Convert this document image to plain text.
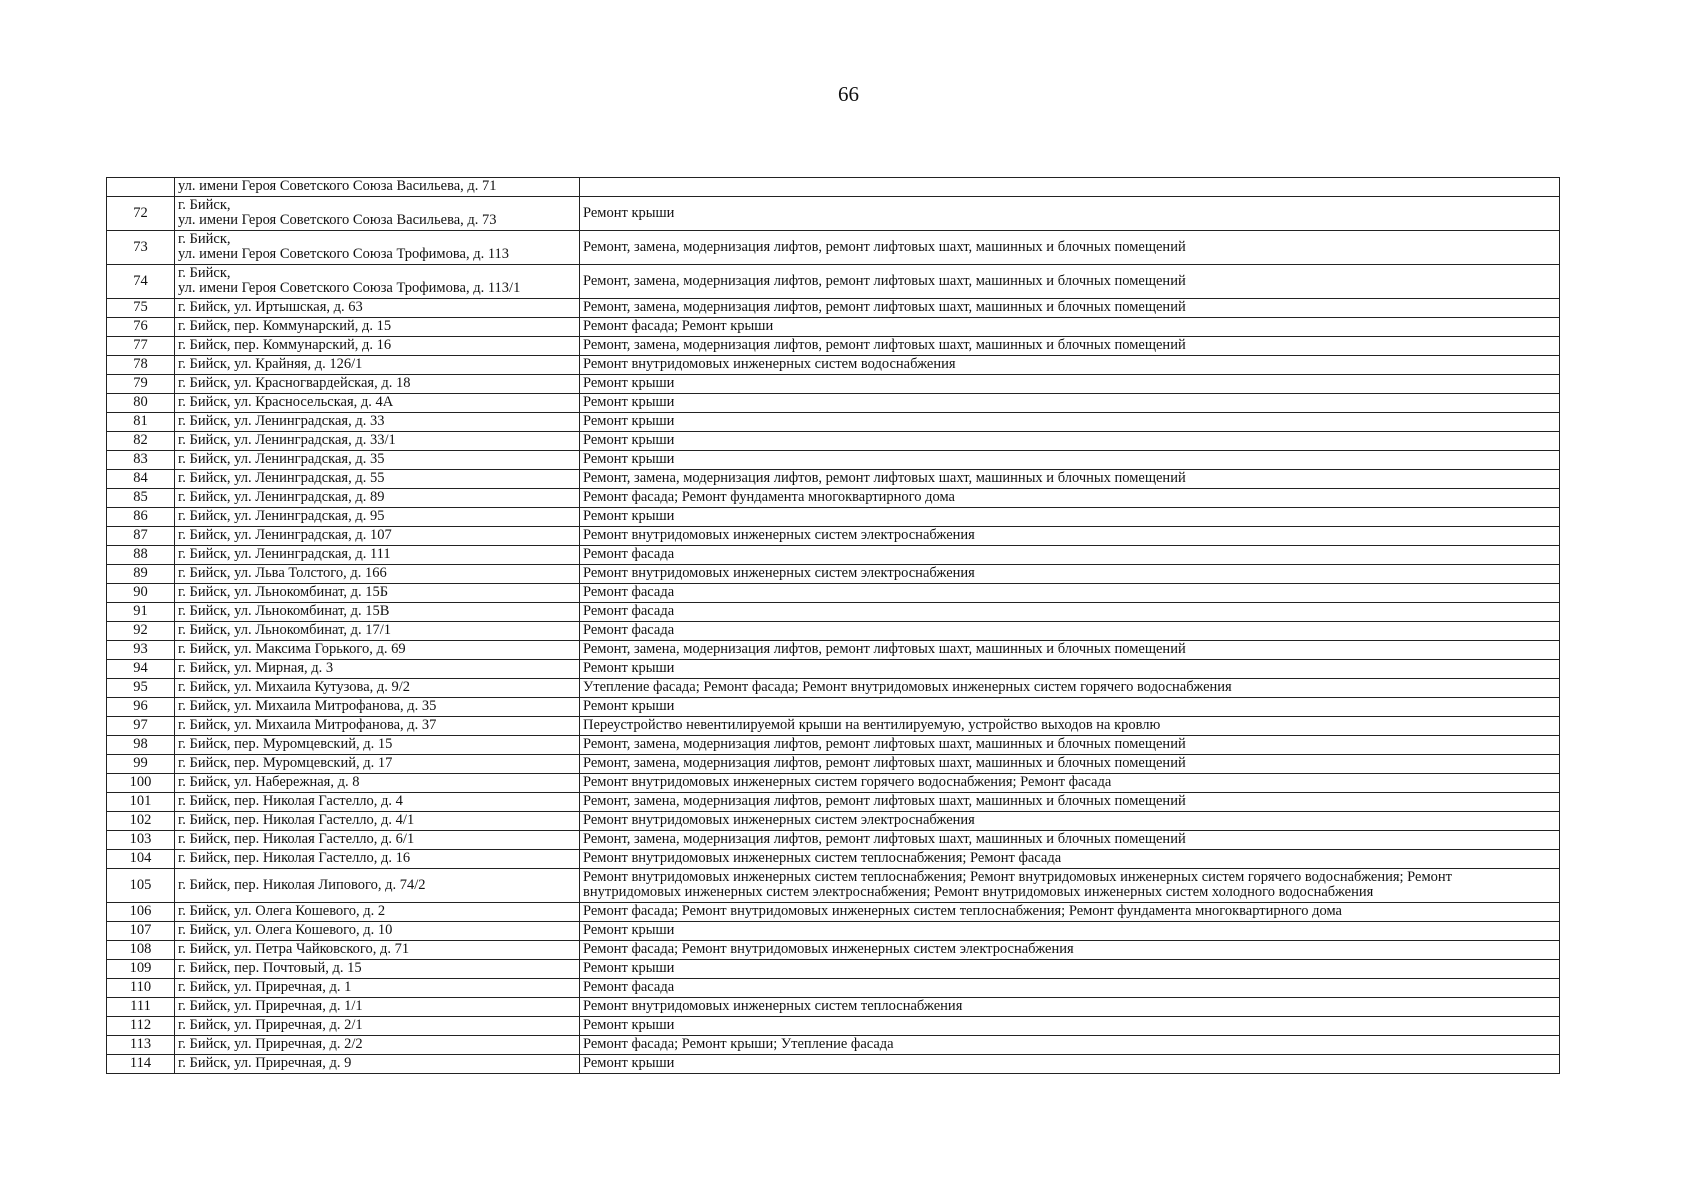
66

	ул. имени Героя Советского Союза Васильева, д. 71	

72	г. Бийск,
ул. имени Героя Советского Союза Васильева, д. 73	Ремонт крыши

73	г. Бийск,
ул. имени Героя Советского Союза Трофимова, д. 113	Ремонт, замена, модернизация лифтов, ремонт лифтовых шахт, машинных и блочных помещений

74	г. Бийск,
ул. имени Героя Советского Союза Трофимова, д. 113/1	Ремонт, замена, модернизация лифтов, ремонт лифтовых шахт, машинных и блочных помещений

75	г. Бийск, ул. Иртышская, д. 63	Ремонт, замена, модернизация лифтов, ремонт лифтовых шахт, машинных и блочных помещений

76	г. Бийск, пер. Коммунарский, д. 15	Ремонт фасада; Ремонт крыши

77	г. Бийск, пер. Коммунарский, д. 16	Ремонт, замена, модернизация лифтов, ремонт лифтовых шахт, машинных и блочных помещений

78	г. Бийск, ул. Крайняя, д. 126/1	Ремонт внутридомовых инженерных систем водоснабжения

79	г. Бийск, ул. Красногвардейская, д. 18	Ремонт крыши

80	г. Бийск, ул. Красносельская, д. 4А	Ремонт крыши

81	г. Бийск, ул. Ленинградская, д. 33	Ремонт крыши

82	г. Бийск, ул. Ленинградская, д. 33/1	Ремонт крыши

83	г. Бийск, ул. Ленинградская, д. 35	Ремонт крыши

84	г. Бийск, ул. Ленинградская, д. 55	Ремонт, замена, модернизация лифтов, ремонт лифтовых шахт, машинных и блочных помещений

85	г. Бийск, ул. Ленинградская, д. 89	Ремонт фасада; Ремонт фундамента многоквартирного дома

86	г. Бийск, ул. Ленинградская, д. 95	Ремонт крыши

87	г. Бийск, ул. Ленинградская, д. 107	Ремонт внутридомовых инженерных систем электроснабжения

88	г. Бийск, ул. Ленинградская, д. 111	Ремонт фасада

89	г. Бийск, ул. Льва Толстого, д. 166	Ремонт внутридомовых инженерных систем электроснабжения

90	г. Бийск, ул. Льнокомбинат, д. 15Б	Ремонт фасада

91	г. Бийск, ул. Льнокомбинат, д. 15В	Ремонт фасада

92	г. Бийск, ул. Льнокомбинат, д. 17/1	Ремонт фасада

93	г. Бийск, ул. Максима Горького, д. 69	Ремонт, замена, модернизация лифтов, ремонт лифтовых шахт, машинных и блочных помещений

94	г. Бийск, ул. Мирная, д. 3	Ремонт крыши

95	г. Бийск, ул. Михаила Кутузова, д. 9/2	Утепление фасада; Ремонт фасада; Ремонт внутридомовых инженерных систем горячего водоснабжения

96	г. Бийск, ул. Михаила Митрофанова, д. 35	Ремонт крыши

97	г. Бийск, ул. Михаила Митрофанова, д. 37	Переустройство невентилируемой крыши на вентилируемую, устройство выходов на кровлю

98	г. Бийск, пер. Муромцевский, д. 15	Ремонт, замена, модернизация лифтов, ремонт лифтовых шахт, машинных и блочных помещений

99	г. Бийск, пер. Муромцевский, д. 17	Ремонт, замена, модернизация лифтов, ремонт лифтовых шахт, машинных и блочных помещений

100	г. Бийск, ул. Набережная, д. 8	Ремонт внутридомовых инженерных систем горячего водоснабжения; Ремонт фасада

101	г. Бийск, пер. Николая Гастелло, д. 4	Ремонт, замена, модернизация лифтов, ремонт лифтовых шахт, машинных и блочных помещений

102	г. Бийск, пер. Николая Гастелло, д. 4/1	Ремонт внутридомовых инженерных систем электроснабжения

103	г. Бийск, пер. Николая Гастелло, д. 6/1	Ремонт, замена, модернизация лифтов, ремонт лифтовых шахт, машинных и блочных помещений

104	г. Бийск, пер. Николая Гастелло, д. 16	Ремонт внутридомовых инженерных систем теплоснабжения; Ремонт фасада

105	г. Бийск, пер. Николая Липового, д. 74/2	Ремонт внутридомовых инженерных систем теплоснабжения; Ремонт внутридомовых инженерных систем горячего водоснабжения; Ремонт
внутридомовых инженерных систем электроснабжения; Ремонт внутридомовых инженерных систем холодного водоснабжения

106	г. Бийск, ул. Олега Кошевого, д. 2	Ремонт фасада; Ремонт внутридомовых инженерных систем теплоснабжения; Ремонт фундамента многоквартирного дома

107	г. Бийск, ул. Олега Кошевого, д. 10	Ремонт крыши

108	г. Бийск, ул. Петра Чайковского, д. 71	Ремонт фасада; Ремонт внутридомовых инженерных систем электроснабжения

109	г. Бийск, пер. Почтовый, д. 15	Ремонт крыши

110	г. Бийск, ул. Приречная, д. 1	Ремонт фасада

111	г. Бийск, ул. Приречная, д. 1/1	Ремонт внутридомовых инженерных систем теплоснабжения

112	г. Бийск, ул. Приречная, д. 2/1	Ремонт крыши

113	г. Бийск, ул. Приречная, д. 2/2	Ремонт фасада; Ремонт крыши; Утепление фасада

114	г. Бийск, ул. Приречная, д. 9	Ремонт крыши
